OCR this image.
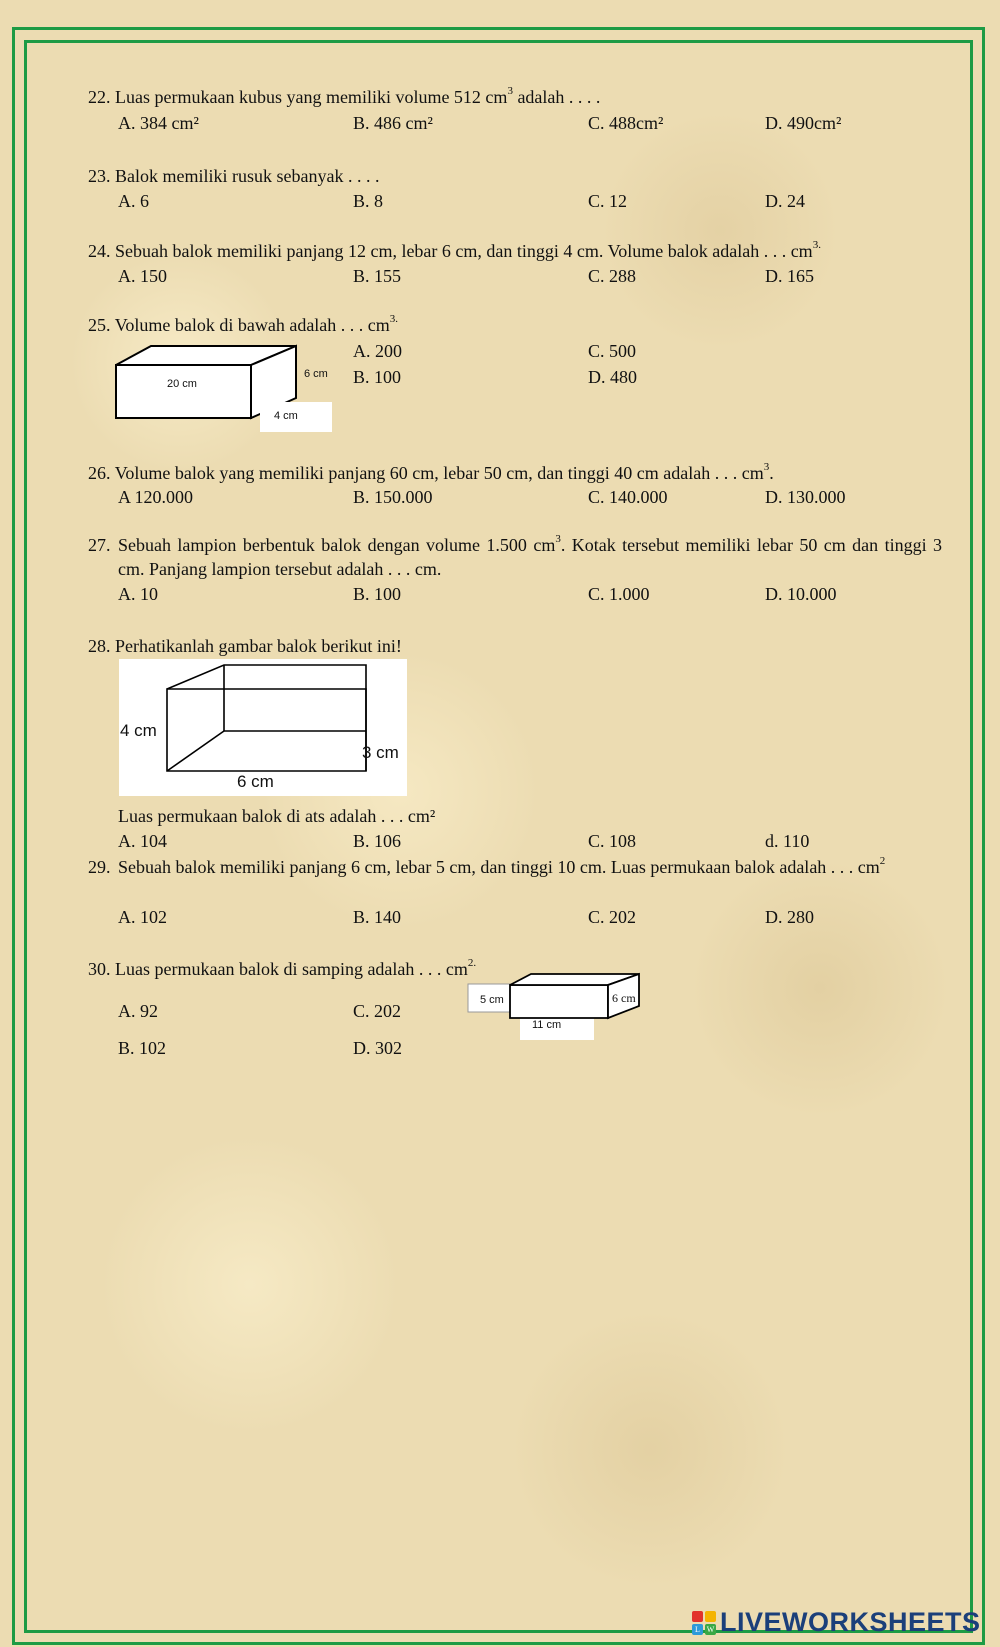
22. Luas permukaan kubus yang memiliki volume 512 $cm^3$ adalah . . . .
A. 384 cm²	B. 486 cm²	C. 488cm²	D. 490cm²
23. Balok memiliki rusuk sebanyak . . . .
A. 6	B. 8	C. 12	D. 24
24. Sebuah balok memiliki panjang 12 cm, lebar 6 cm, dan tinggi 4 cm. Volume balok adalah . . . $cm^{3.}$
A. 150	B. 155	C. 288	D. 165
25. Volume balok di bawah adalah . . . $cm^{3.}$
20 cm
6 cm
4 cm
A. 200	C. 500
B. 100	D. 480
26. Volume balok yang memiliki panjang 60 cm, lebar 50 cm, dan tinggi 40 cm adalah . . . $cm^3$.
A 120.000	B. 150.000	C. 140.000	D. 130.000
27. Sebuah lampion berbentuk balok dengan volume 1.500 $cm^3$. Kotak tersebut memiliki lebar 50 cm dan tinggi 3 cm. Panjang lampion tersebut adalah . . . cm.

A. 10	B. 100	C. 1.000	D. 10.000
28. Perhatikanlah gambar balok berikut ini!
4 cm
3 cm
6 cm
Luas permukaan balok di ats adalah . . . cm²
A. 104	B. 106	C. 108	d. 110
29. Sebuah balok memiliki panjang 6 cm, lebar 5 cm, dan tinggi 10 cm. Luas permukaan balok adalah . . . $cm^2$

A. 102	B. 140	C. 202	D. 280
30. Luas permukaan balok di samping adalah . . . $cm^{2.}$
5 cm	6 cm
11 cm
A. 92	C. 202
B. 102	D. 302
L W LIVEWORKSHEETS
